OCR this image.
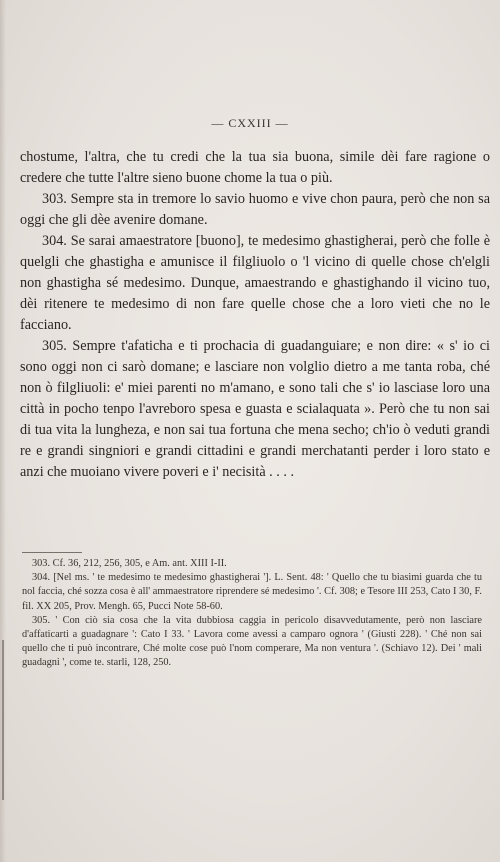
— CXXIII —

chostume, l'altra, che tu credi che la tua sia buona, simile dèi fare ragione o credere che tutte l'altre sieno buone chome la tua o più.

303. Sempre sta in tremore lo savio huomo e vive chon paura, però che non sa oggi che gli dèe avenire domane.

304. Se sarai amaestratore [buono], te medesimo ghastigherai, però che folle è quelgli che ghastigha e amunisce il filgliuolo o 'l vicino di quelle chose ch'elgli non ghastigha sé medesimo. Dunque, amaestrando e ghastighando il vicino tuo, dèi ritenere te medesimo di non fare quelle chose che a loro vieti che no le facciano.

305. Sempre t'afaticha e ti prochacia di guadanguiare; e non dire: « s' io ci sono oggi non ci sarò domane; e lasciare non volglio dietro a me tanta roba, ché non ò filgliuoli: e' miei parenti no m'amano, e sono tali che s' io lasciase loro una città in pocho tenpo l'avreboro spesa e guasta e scialaquata ». Però che tu non sai di tua vita la lungheza, e non sai tua fortuna che mena secho; ch'io ò veduti grandi re e grandi singniori e grandi cittadini e grandi merchatanti perder i loro stato e anzi che muoiano vivere poveri e i' necisità . . . .

303. Cf. 36, 212, 256, 305, e Am. ant. XIII I-II.

304. [Nel ms. ' te medesimo te medesimo ghastigherai ']. L. Sent. 48: ' Quello che tu biasimi guarda che tu nol faccia, ché sozza cosa è all' ammaestratore riprendere sé medesimo '. Cf. 308; e Tesore III 253, Cato I 30, F. fil. XX 205, Prov. Mengh. 65, Pucci Note 58-60.

305. ' Con ciò sia cosa che la vita dubbiosa caggia in pericolo disavvedutamente, però non lasciare d'affaticarti a guadagnare ': Cato I 33. ' Lavora come avessi a camparo ognora ' (Giusti 228). ' Ché non sai quello che ti può incontrare, Ché molte cose può l'nom comperare, Ma non ventura '. (Schiavo 12). Dei ' mali guadagni ', come te. starli, 128, 250.
